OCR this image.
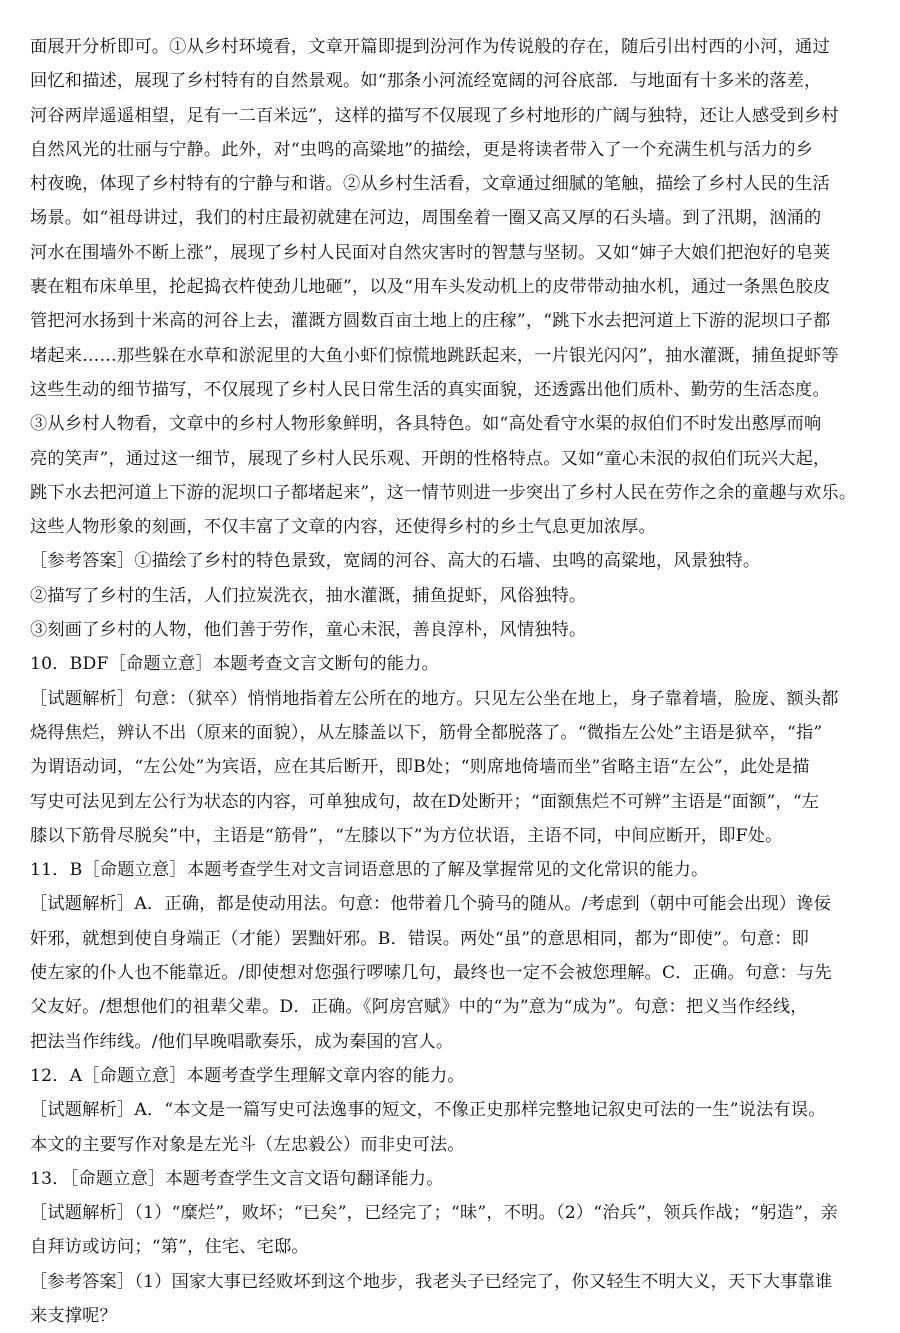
面展开分析即可。①从乡村环境看，文章开篇即提到汾河作为传说般的存在，随后引出村西的小河，通过
回忆和描述，展现了乡村特有的自然景观。如“那条小河流经宽阔的河谷底部．与地面有十多米的落差，
河谷两岸遥遥相望，足有一二百米远”，这样的描写不仅展现了乡村地形的广阔与独特，还让人感受到乡村
自然风光的壮丽与宁静。此外，对“虫鸣的高粱地”的描绘，更是将读者带入了一个充满生机与活力的乡
村夜晚，体现了乡村特有的宁静与和谐。②从乡村生活看，文章通过细腻的笔触，描绘了乡村人民的生活
场景。如“祖母讲过，我们的村庄最初就建在河边，周围垒着一圈又高又厚的石头墙。到了汛期，汹涌的
河水在围墙外不断上涨”，展现了乡村人民面对自然灾害时的智慧与坚韧。又如“婶子大娘们把泡好的皂荚
裹在粗布床单里，抡起捣衣杵使劲儿地砸”，以及“用车头发动机上的皮带带动抽水机，通过一条黑色胶皮
管把河水扬到十米高的河谷上去，灌溉方圆数百亩土地上的庄稼”，“跳下水去把河道上下游的泥坝口子都
堵起来……那些躲在水草和淤泥里的大鱼小虾们惊慌地跳跃起来，一片银光闪闪”，抽水灌溉，捕鱼捉虾等
这些生动的细节描写，不仅展现了乡村人民日常生活的真实面貌，还透露出他们质朴、勤劳的生活态度。
③从乡村人物看，文章中的乡村人物形象鲜明，各具特色。如“高处看守水渠的叔伯们不时发出憨厚而响
亮的笑声”，通过这一细节，展现了乡村人民乐观、开朗的性格特点。又如“童心未泯的叔伯们玩兴大起，
跳下水去把河道上下游的泥坝口子都堵起来”，这一情节则进一步突出了乡村人民在劳作之余的童趣与欢乐。
这些人物形象的刻画，不仅丰富了文章的内容，还使得乡村的乡土气息更加浓厚。
［参考答案］①描绘了乡村的特色景致，宽阔的河谷、高大的石墙、虫鸣的高粱地，风景独特。
②描写了乡村的生活，人们拉炭洗衣，抽水灌溉，捕鱼捉虾，风俗独特。
③刻画了乡村的人物，他们善于劳作，童心未泯，善良淳朴，风情独特。
10．BDF［命题立意］本题考查文言文断句的能力。
［试题解析］句意：（狱卒）悄悄地指着左公所在的地方。只见左公坐在地上，身子靠着墙，脸庞、额头都
烧得焦烂，辨认不出（原来的面貌），从左膝盖以下，筋骨全都脱落了。“微指左公处”主语是狱卒，“指”
为谓语动词，“左公处”为宾语，应在其后断开，即B处；“则席地倚墙而坐”省略主语“左公”，此处是描
写史可法见到左公行为状态的内容，可单独成句，故在D处断开；“面额焦烂不可辨”主语是“面额”，“左
膝以下筋骨尽脱矣”中，主语是“筋骨”，“左膝以下”为方位状语，主语不同，中间应断开，即F处。
11．B［命题立意］本题考查学生对文言词语意思的了解及掌握常见的文化常识的能力。
［试题解析］A．正确，都是使动用法。句意：他带着几个骑马的随从。/考虑到（朝中可能会出现）谗佞
奸邪，就想到使自身端正（才能）罢黜奸邪。B．错误。两处“虽”的意思相同，都为“即使”。句意：即
使左家的仆人也不能靠近。/即使想对您强行啰嗦几句，最终也一定不会被您理解。C．正确。句意：与先
父友好。/想想他们的祖辈父辈。D．正确。《阿房宫赋》中的“为”意为“成为”。句意：把义当作经线，
把法当作纬线。/他们早晚唱歌奏乐，成为秦国的宫人。
12．A［命题立意］本题考查学生理解文章内容的能力。
［试题解析］A．“本文是一篇写史可法逸事的短文，不像正史那样完整地记叙史可法的一生”说法有误。
本文的主要写作对象是左光斗（左忠毅公）而非史可法。
13．［命题立意］本题考查学生文言文语句翻译能力。
［试题解析］（1）“糜烂”，败坏；“已矣”，已经完了；“昧”，不明。（2）“治兵”，领兵作战；“躬造”，亲
自拜访或访问；“第”，住宅、宅邸。
［参考答案］（1）国家大事已经败坏到这个地步，我老头子已经完了，你又轻生不明大义，天下大事靠谁
来支撑呢？
